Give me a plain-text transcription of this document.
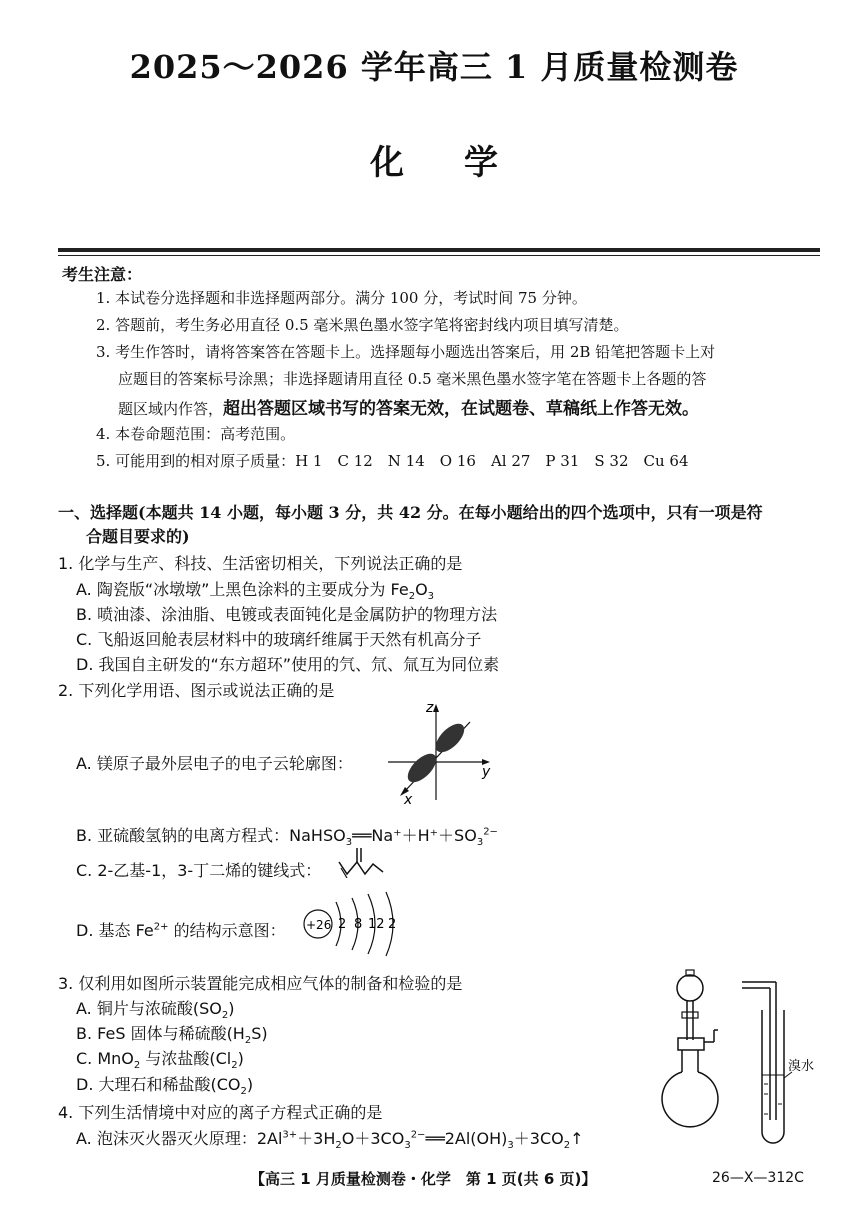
2025～2026 学年高三 1 月质量检测卷
化学
考生注意：
1. 本试卷分选择题和非选择题两部分。满分 100 分，考试时间 75 分钟。
2. 答题前，考生务必用直径 0.5 毫米黑色墨水签字笔将密封线内项目填写清楚。
3. 考生作答时，请将答案答在答题卡上。选择题每小题选出答案后，用 2B 铅笔把答题卡上对
应题目的答案标号涂黑；非选择题请用直径 0.5 毫米黑色墨水签字笔在答题卡上各题的答
题区域内作答，超出答题区域书写的答案无效，在试题卷、草稿纸上作答无效。
4. 本卷命题范围：高考范围。
5. 可能用到的相对原子质量：H 1　C 12　N 14　O 16　Al 27　P 31　S 32　Cu 64
一、选择题(本题共 14 小题，每小题 3 分，共 42 分。在每小题给出的四个选项中，只有一项是符
合题目要求的)
1. 化学与生产、科技、生活密切相关，下列说法正确的是
A. 陶瓷版“冰墩墩”上黑色涂料的主要成分为 $Fe_2O_3$
B. 喷油漆、涂油脂、电镀或表面钝化是金属防护的物理方法
C. 飞船返回舱表层材料中的玻璃纤维属于天然有机高分子
D. 我国自主研发的“东方超环”使用的氕、氘、氚互为同位素
2. 下列化学用语、图示或说法正确的是
A. 镁原子最外层电子的电子云轮廓图：
z
y
x
B. 亚硫酸氢钠的电离方程式：$NaHSO_3══Na^++H^++SO_3^{2-}$
C. 2-乙基-1，3-丁二烯的键线式：
D. 基态 $Fe^{2+}$ 的结构示意图： +26 2 8 12 2
3. 仅利用如图所示装置能完成相应气体的制备和检验的是
A. 铜片与浓硫酸$(SO_2)$
B. FeS 固体与稀硫酸$(H_2S)$
C. MnO$_2$ 与浓盐酸$(Cl_2)$
D. 大理石和稀盐酸$(CO_2)$
溴水
4. 下列生活情境中对应的离子方程式正确的是
A. 泡沫灭火器灭火原理：$2Al^{3+}+3H_2O+3CO_3^{2-}══2Al(OH)_3+3CO_2↑$
【高三 1 月质量检测卷・化学　第 1 页(共 6 页)】	26—X—312C
